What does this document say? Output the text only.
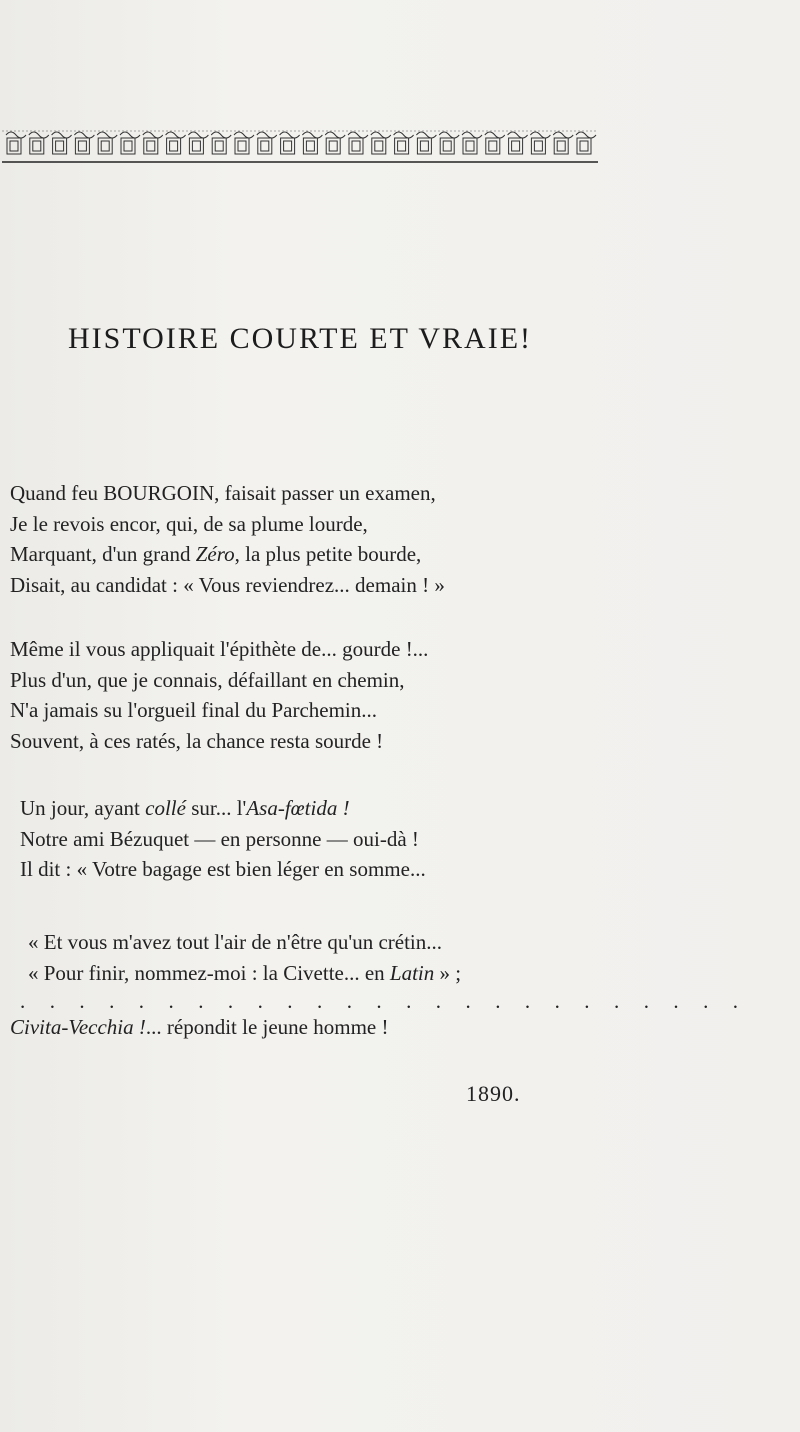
HISTOIRE COURTE ET VRAIE!
Quand feu BOURGOIN, faisait passer un examen,
Je le revois encor, qui, de sa plume lourde,
Marquant, d'un grand Zéro, la plus petite bourde,
Disait, au candidat : « Vous reviendrez... demain ! »
Même il vous appliquait l'épithète de... gourde !...
Plus d'un, que je connais, défaillant en chemin,
N'a jamais su l'orgueil final du Parchemin...
Souvent, à ces ratés, la chance resta sourde !
Un jour, ayant collé sur... l'Asa-fœtida !
Notre ami Bézuquet — en personne — oui-dà !
Il dit : « Votre bagage est bien léger en somme...
« Et vous m'avez tout l'air de n'être qu'un crétin...
« Pour finir, nommez-moi : la Civette... en Latin » ;
. . . . . . . . . . . . . . . . . . . . . . . . .
Civita-Vecchia !... répondit le jeune homme !
1890.
